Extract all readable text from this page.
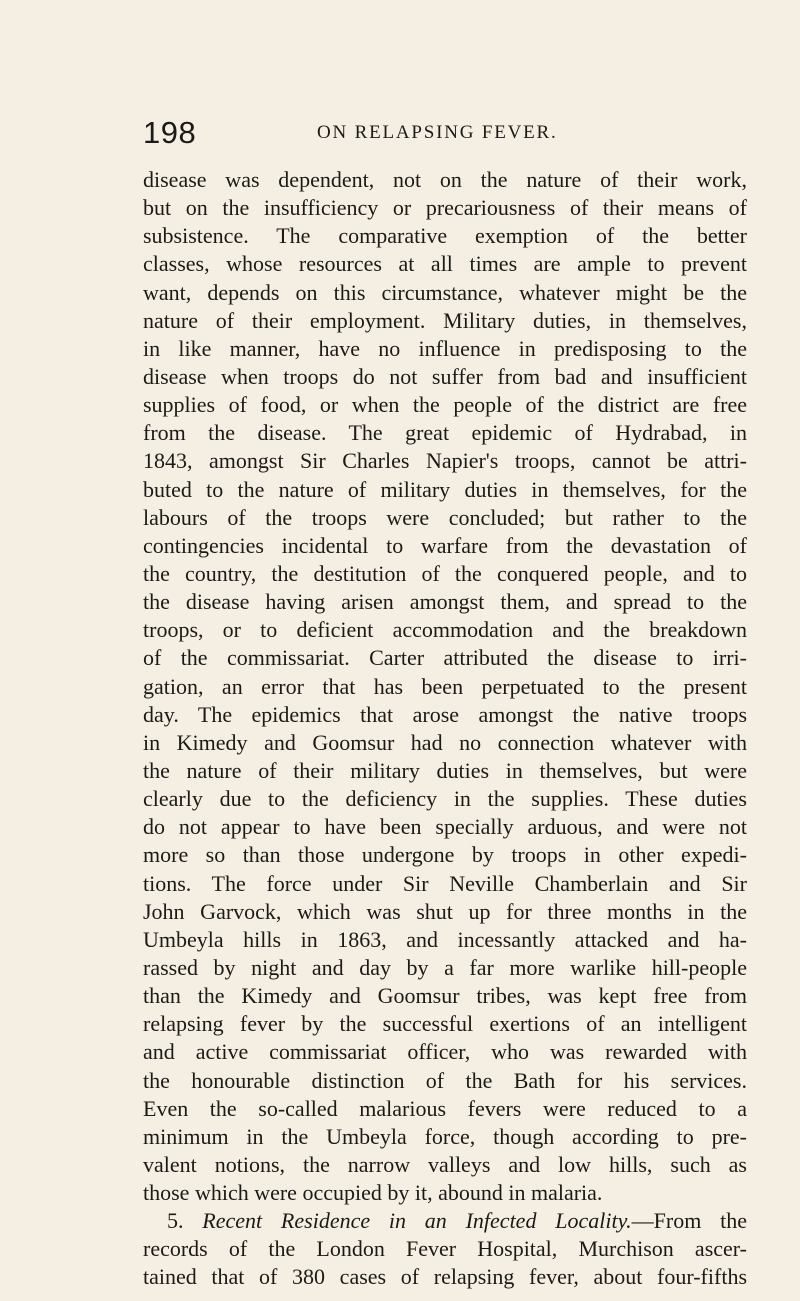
198	ON RELAPSING FEVER.
disease was dependent, not on the nature of their work,
but on the insufficiency or precariousness of their means of
subsistence. The comparative exemption of the better
classes, whose resources at all times are ample to prevent
want, depends on this circumstance, whatever might be the
nature of their employment. Military duties, in themselves,
in like manner, have no influence in predisposing to the
disease when troops do not suffer from bad and insufficient
supplies of food, or when the people of the district are free
from the disease. The great epidemic of Hydrabad, in
1843, amongst Sir Charles Napier's troops, cannot be attri-
buted to the nature of military duties in themselves, for the
labours of the troops were concluded; but rather to the
contingencies incidental to warfare from the devastation of
the country, the destitution of the conquered people, and to
the disease having arisen amongst them, and spread to the
troops, or to deficient accommodation and the breakdown
of the commissariat. Carter attributed the disease to irri-
gation, an error that has been perpetuated to the present
day. The epidemics that arose amongst the native troops
in Kimedy and Goomsur had no connection whatever with
the nature of their military duties in themselves, but were
clearly due to the deficiency in the supplies. These duties
do not appear to have been specially arduous, and were not
more so than those undergone by troops in other expedi-
tions. The force under Sir Neville Chamberlain and Sir
John Garvock, which was shut up for three months in the
Umbeyla hills in 1863, and incessantly attacked and ha-
rassed by night and day by a far more warlike hill-people
than the Kimedy and Goomsur tribes, was kept free from
relapsing fever by the successful exertions of an intelligent
and active commissariat officer, who was rewarded with
the honourable distinction of the Bath for his services.
Even the so-called malarious fevers were reduced to a
minimum in the Umbeyla force, though according to pre-
valent notions, the narrow valleys and low hills, such as
those which were occupied by it, abound in malaria.
5. Recent Residence in an Infected Locality.—From the
records of the London Fever Hospital, Murchison ascer-
tained that of 380 cases of relapsing fever, about four-fifths
